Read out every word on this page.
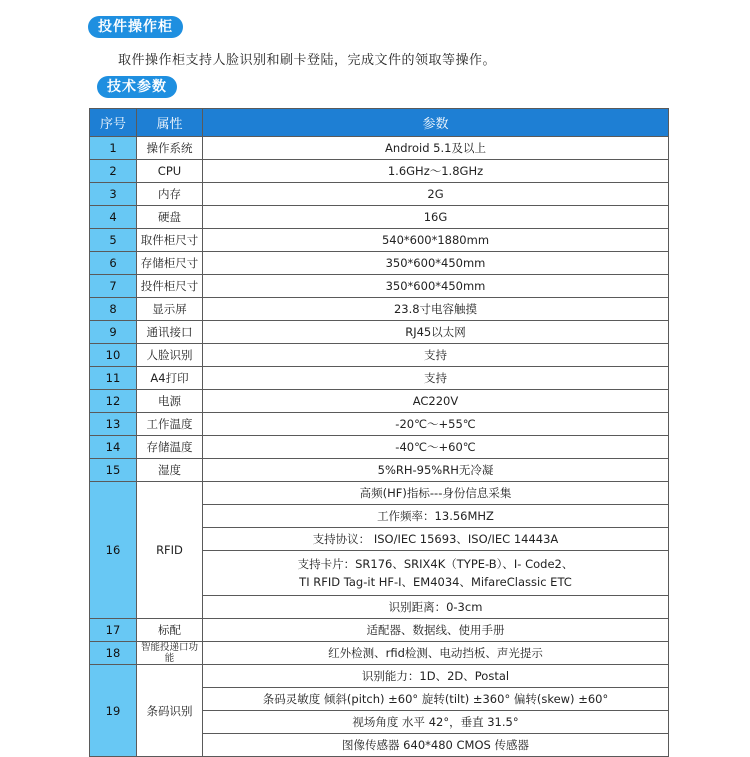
投件操作柜
取件操作柜支持人脸识别和刷卡登陆，完成文件的领取等操作。
技术参数
序号	属性	参数
1	操作系统	Android 5.1及以上
2	CPU	1.6GHz～1.8GHz
3	内存	2G
4	硬盘	16G
5	取件柜尺寸	540*600*1880mm
6	存储柜尺寸	350*600*450mm
7	投件柜尺寸	350*600*450mm
8	显示屏	23.8寸电容触摸
9	通讯接口	RJ45以太网
10	人脸识别	支持
11	A4打印	支持
12	电源	AC220V
13	工作温度	-20℃～+55℃
14	存储温度	-40℃～+60℃
15	湿度	5%RH-95%RH无冷凝
16	RFID	高频(HF)指标---身份信息采集
		工作频率：13.56MHZ
		支持协议： ISO/IEC 15693、ISO/IEC 14443A

		支持卡片：SR176、SRIX4K（TYPE-B）、I- Code2、
TI RFID Tag-it HF-I、EM4034、MifareClassic ETC

		识别距离：0-3cm
17	标配	适配器、数据线、使用手册
18	智能投递口功能	红外检测、rfid检测、电动挡板、声光提示
19	条码识别	识别能力：1D、2D、Postal
		条码灵敏度 倾斜(pitch) ±60° 旋转(tilt) ±360° 偏转(skew) ±60°
		视场角度 水平 42°，垂直 31.5°
		图像传感器 640*480 CMOS 传感器
